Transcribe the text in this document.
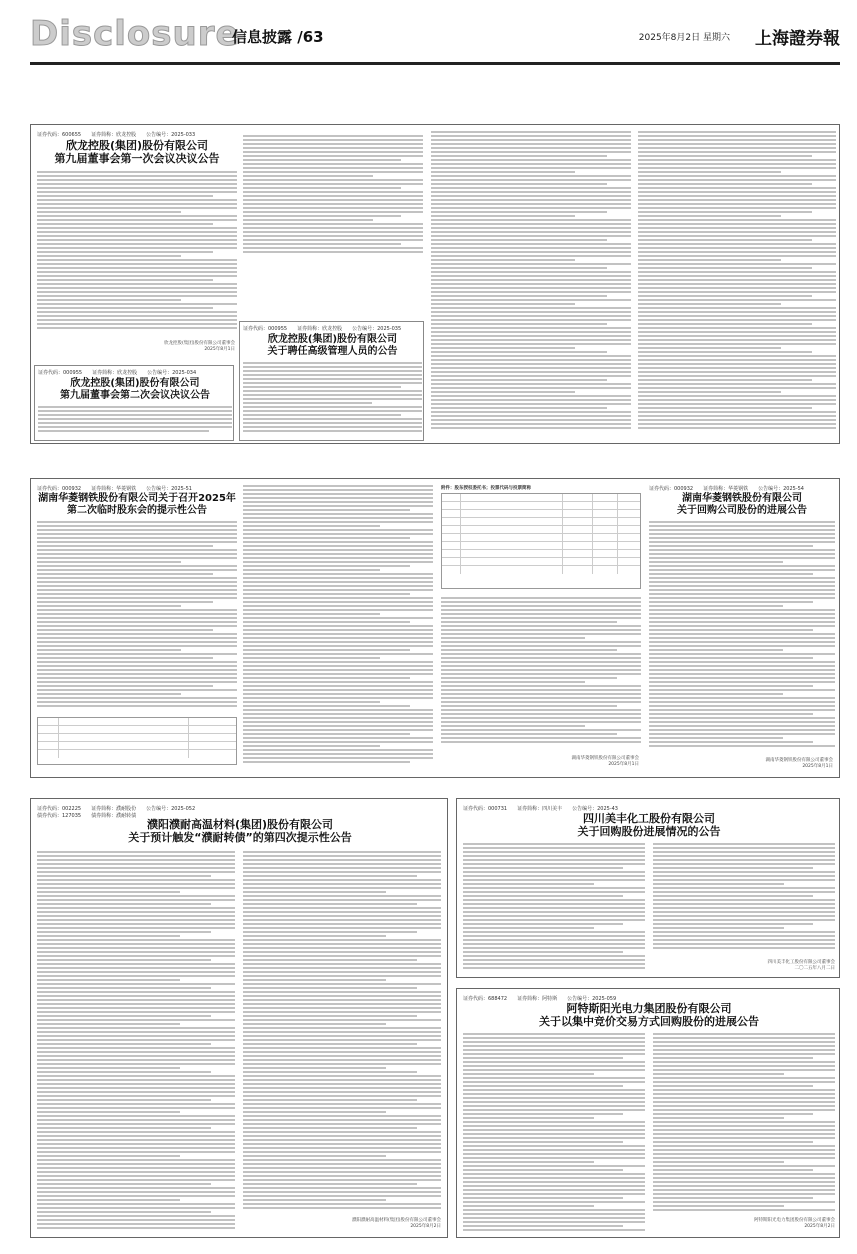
Disclosure
信息披露 /63	2025年8月2日 星期六 上海證券報
证券代码：600655　　证券简称：欣龙控股　　公告编号：2025-033
欣龙控股(集团)股份有限公司
第九届董事会第一次会议决议公告
欣龙控股(集团)股份有限公司董事会
2025年8月1日
证券代码：000955　　证券简称：欣龙控股　　公告编号：2025-034
欣龙控股(集团)股份有限公司
第九届董事会第二次会议决议公告
证券代码：000955　　证券简称：欣龙控股　　公告编号：2025-035
欣龙控股(集团)股份有限公司
关于聘任高级管理人员的公告
证券代码：000932　　证券简称：华菱钢铁　　公告编号：2025-51
湖南华菱钢铁股份有限公司关于召开2025年
第二次临时股东会的提示性公告
附件：股东授权委托书；投票代码与投票简称
湖南华菱钢铁股份有限公司董事会
2025年8月1日
证券代码：000932　　证券简称：华菱钢铁　　公告编号：2025-54
湖南华菱钢铁股份有限公司
关于回购公司股份的进展公告
湖南华菱钢铁股份有限公司董事会
2025年8月1日
证券代码：002225　　证券简称：濮耐股份　　公告编号：2025-052
债券代码：127035　　债券简称：濮耐转债
濮阳濮耐高温材料(集团)股份有限公司
关于预计触发“濮耐转债”的第四次提示性公告
濮阳濮耐高温材料(集团)股份有限公司董事会
2025年8月2日
证券代码：000731　　证券简称：四川美丰　　公告编号：2025-43
四川美丰化工股份有限公司
关于回购股份进展情况的公告
四川美丰化工股份有限公司董事会
二〇二五年八月二日
证券代码：688472　　证券简称：阿特斯　　公告编号：2025-059
阿特斯阳光电力集团股份有限公司
关于以集中竞价交易方式回购股份的进展公告
阿特斯阳光电力集团股份有限公司董事会
2025年8月2日
